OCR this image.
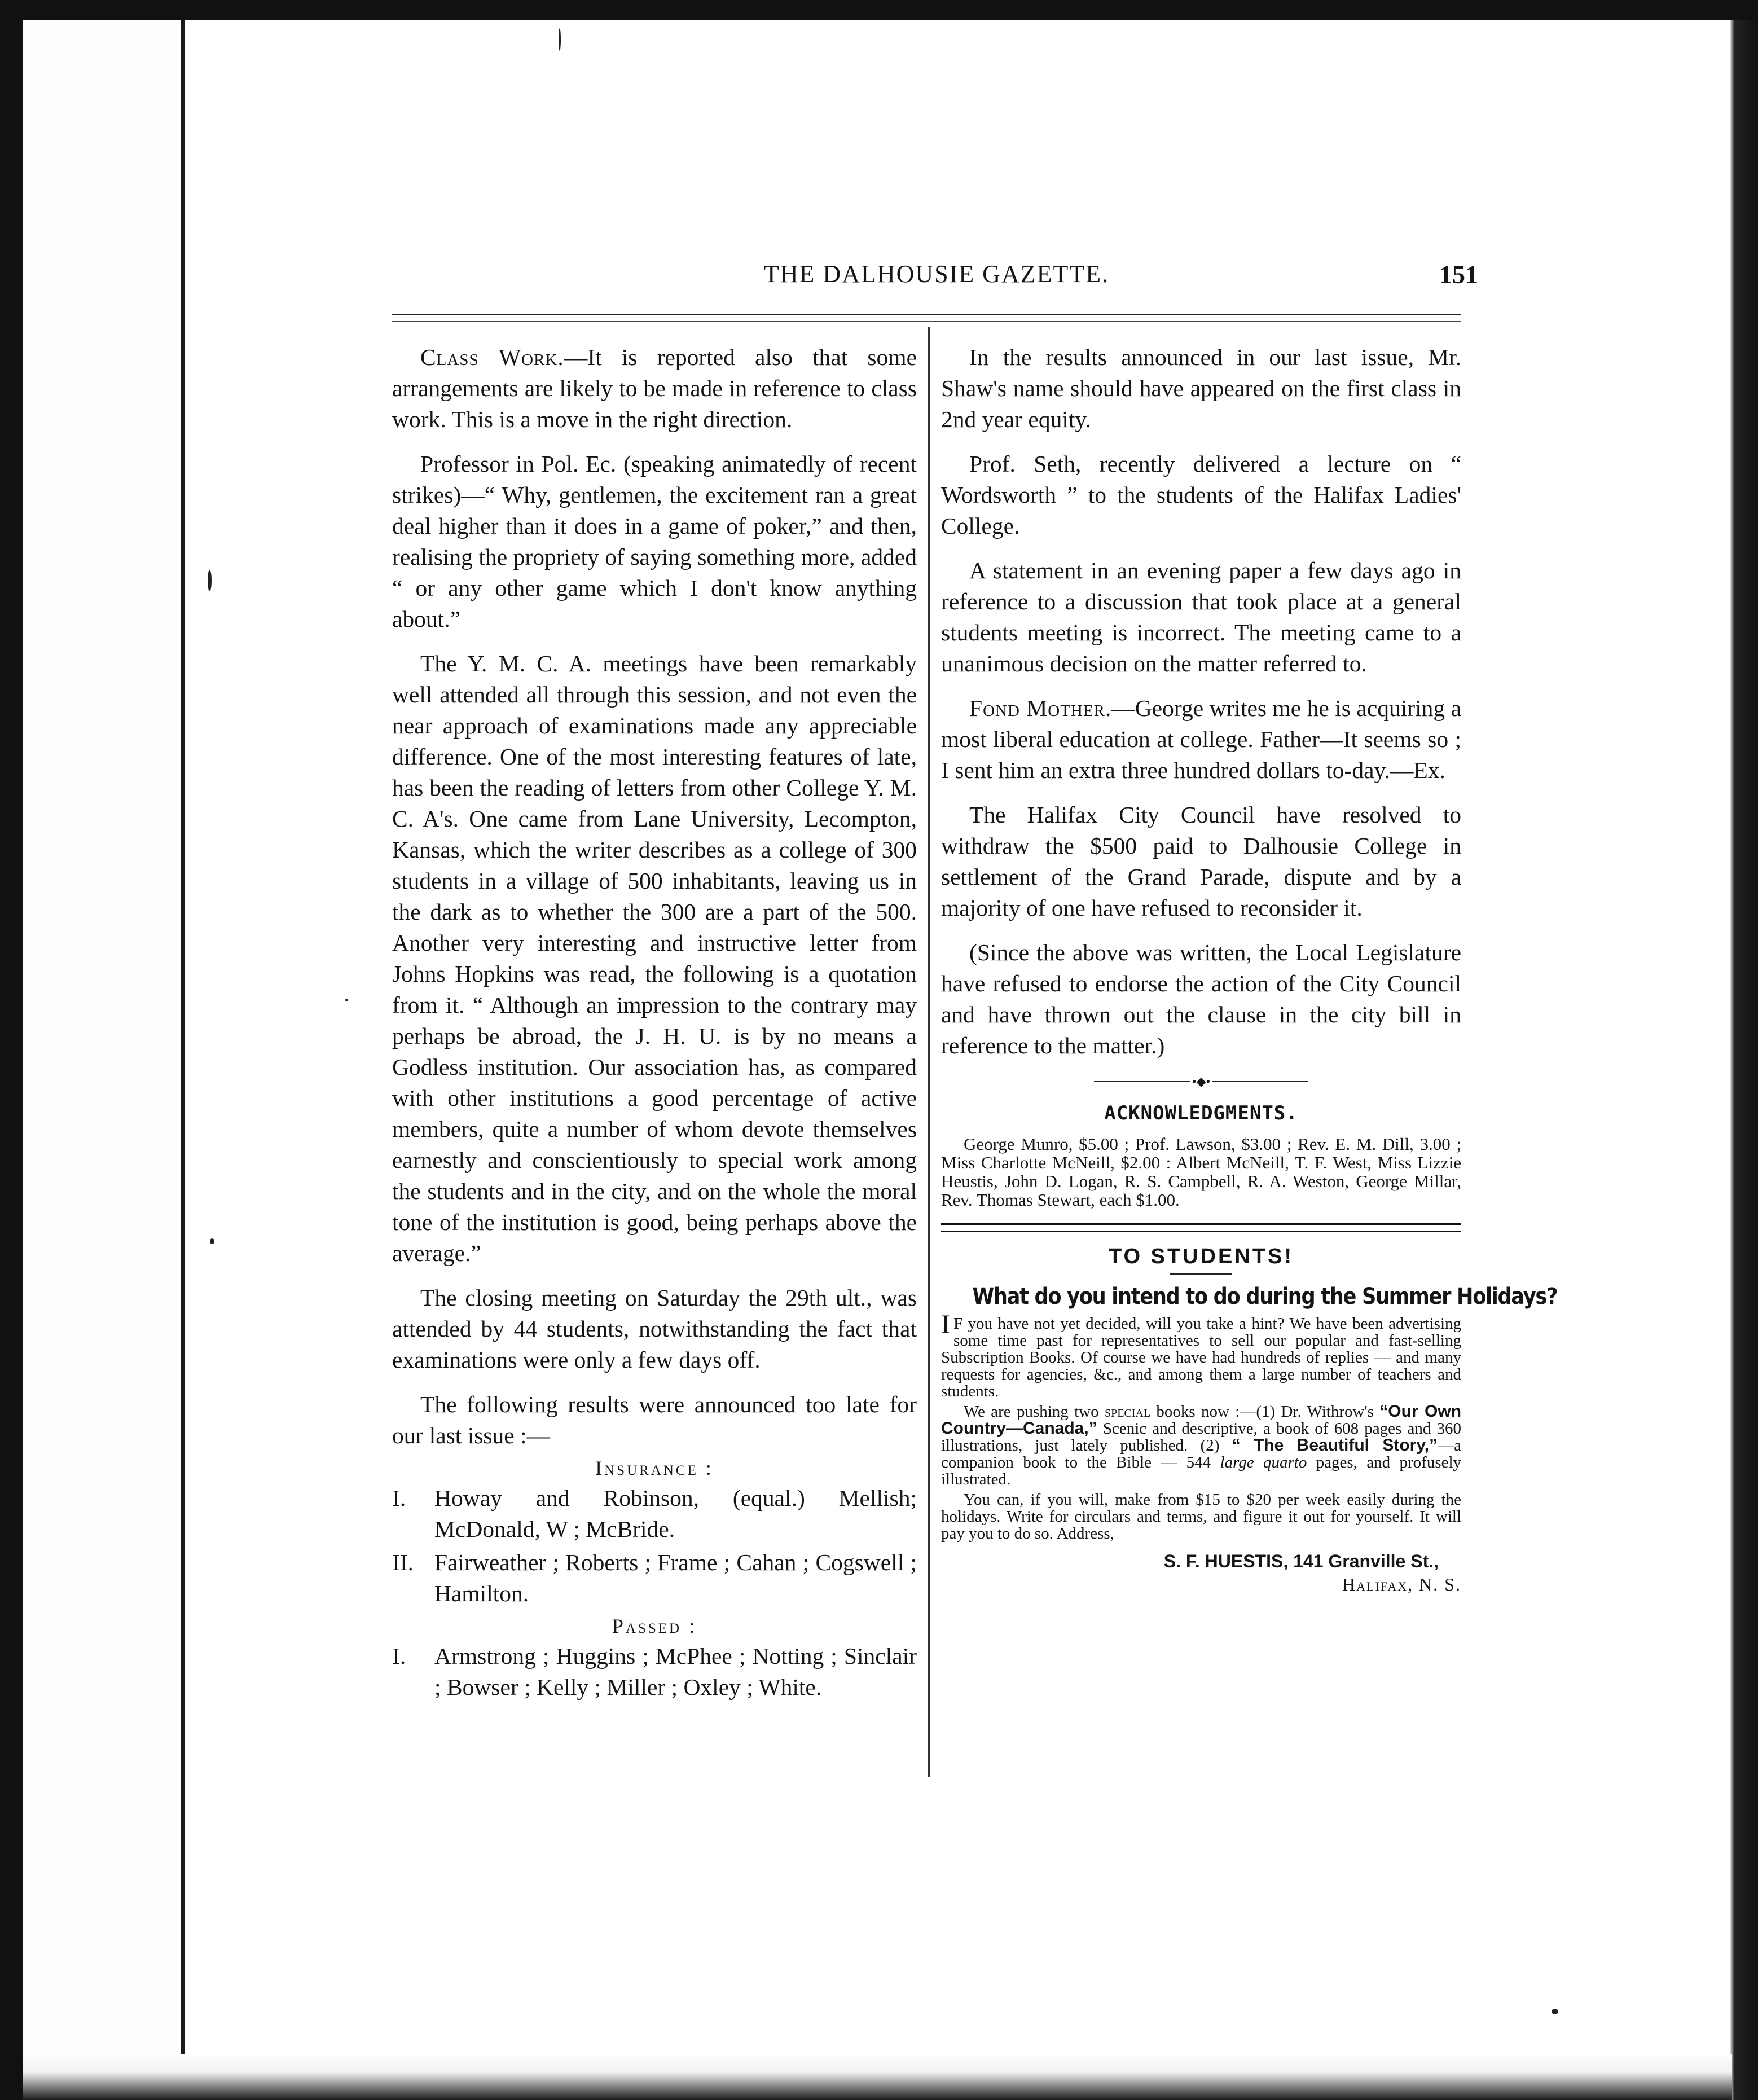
THE DALHOUSIE GAZETTE.	151

Class Work.—It is reported also that some arrangements are likely to be made in reference to class work. This is a move in the right direction.

Professor in Pol. Ec. (speaking animatedly of recent strikes)—“ Why, gentlemen, the excitement ran a great deal higher than it does in a game of poker,” and then, realising the propriety of saying something more, added “ or any other game which I don't know anything about.”

The Y. M. C. A. meetings have been remarkably well attended all through this session, and not even the near approach of examinations made any appreciable difference. One of the most interesting features of late, has been the reading of letters from other College Y. M. C. A's. One came from Lane University, Lecompton, Kansas, which the writer describes as a college of 300 students in a village of 500 inhabitants, leaving us in the dark as to whether the 300 are a part of the 500. Another very interesting and instructive letter from Johns Hopkins was read, the following is a quotation from it. “ Although an impression to the contrary may perhaps be abroad, the J. H. U. is by no means a Godless institution. Our association has, as compared with other institutions a good percentage of active members, quite a number of whom devote themselves earnestly and conscientiously to special work among the students and in the city, and on the whole the moral tone of the institution is good, being perhaps above the average.”

The closing meeting on Saturday the 29th ult., was attended by 44 students, notwithstanding the fact that examinations were only a few days off.

The following results were announced too late for our last issue :—

Insurance :

I. Howay and Robinson, (equal.) Mellish; McDonald, W ; McBride.

II. Fairweather ; Roberts ; Frame ; Cahan ; Cogswell ; Hamilton.

Passed :

I. Armstrong ; Huggins ; McPhee ; Notting ; Sinclair ; Bowser ; Kelly ; Miller ; Oxley ; White.

In the results announced in our last issue, Mr. Shaw's name should have appeared on the first class in 2nd year equity.

Prof. Seth, recently delivered a lecture on “ Wordsworth ” to the students of the Halifax Ladies' College.

A statement in an evening paper a few days ago in reference to a discussion that took place at a general students meeting is incorrect. The meeting came to a unanimous decision on the matter referred to.

Fond Mother.—George writes me he is acquiring a most liberal education at college. Father—It seems so ; I sent him an extra three hundred dollars to-day.—Ex.

The Halifax City Council have resolved to withdraw the $500 paid to Dalhousie College in settlement of the Grand Parade, dispute and by a majority of one have refused to reconsider it.

(Since the above was written, the Local Legislature have refused to endorse the action of the City Council and have thrown out the clause in the city bill in reference to the matter.)

•◆•

ACKNOWLEDGMENTS.

George Munro, $5.00 ; Prof. Lawson, $3.00 ; Rev. E. M. Dill, 3.00 ; Miss Charlotte McNeill, $2.00 : Albert McNeill, T. F. West, Miss Lizzie Heustis, John D. Logan, R. S. Campbell, R. A. Weston, George Millar, Rev. Thomas Stewart, each $1.00.

TO STUDENTS!

What do you intend to do during the Summer Holidays?

I F you have not yet decided, will you take a hint? We have been advertising some time past for representatives to sell our popular and fast-selling Subscription Books. Of course we have had hundreds of replies — and many requests for agencies, &c., and among them a large number of teachers and students.

We are pushing two special books now :—(1) Dr. Withrow's “Our Own Country—Canada,” Scenic and descriptive, a book of 608 pages and 360 illustrations, just lately published. (2) “ The Beautiful Story,”—a companion book to the Bible — 544 large quarto pages, and profusely illustrated.

You can, if you will, make from $15 to $20 per week easily during the holidays. Write for circulars and terms, and figure it out for yourself. It will pay you to do so. Address,

S. F. HUESTIS, 141 Granville St.,

Halifax, N. S.
